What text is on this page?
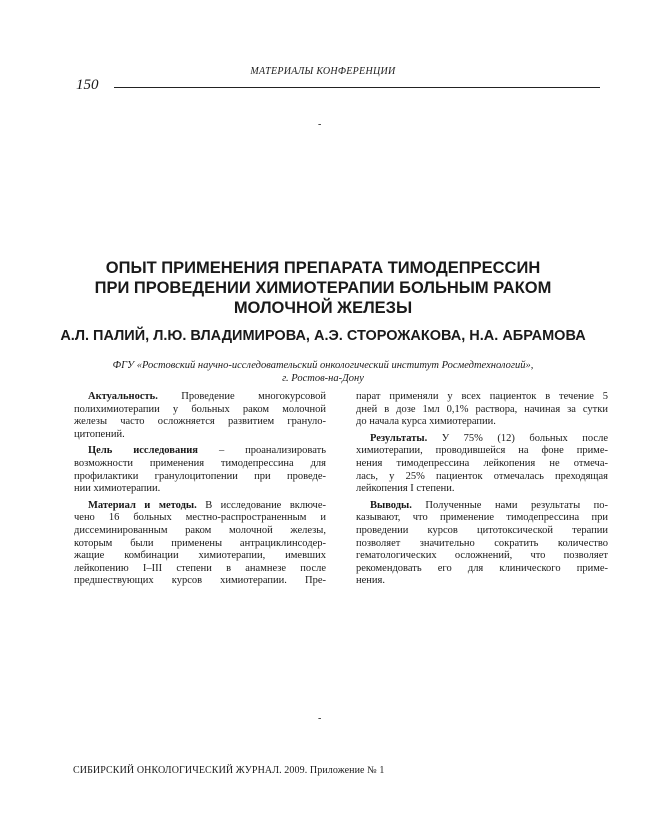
МАТЕРИАЛЫ КОНФЕРЕНЦИИ
150
-
ОПЫТ ПРИМЕНЕНИЯ ПРЕПАРАТА ТИМОДЕПРЕССИН
ПРИ ПРОВЕДЕНИИ ХИМИОТЕРАПИИ БОЛЬНЫМ РАКОМ
МОЛОЧНОЙ ЖЕЛЕЗЫ
А.Л. ПАЛИЙ, Л.Ю. ВЛАДИМИРОВА, А.Э. СТОРОЖАКОВА, Н.А. АБРАМОВА
ФГУ «Ростовский научно-исследовательский онкологический институт Росмедтехнологий»,
г. Ростов-на-Дону
Актуальность. Проведение многокурсовой
полихимиотерапии у больных раком молочной
железы часто осложняется развитием грануло-
цитопений.
Цель исследования – проанализировать
возможности применения тимодепрессина для
профилактики гранулоцитопении при проведе-
нии химиотерапии.
Материал и методы. В исследование включе-
чено 16 больных местно-распространенным и
диссеминированным раком молочной железы,
которым были применены антрациклинсодер-
жащие комбинации химиотерапии, имевших
лейкопению I–III степени в анамнезе после
предшествующих курсов химиотерапии. Пре-
парат применяли у всех пациенток в течение 5
дней в дозе 1мл 0,1% раствора, начиная за сутки
до начала курса химиотерапии.
Результаты. У 75% (12) больных после
химиотерапии, проводившейся на фоне приме-
нения тимодепрессина лейкопения не отмеча-
лась, у 25% пациенток отмечалась преходящая
лейкопения I степени.
Выводы. Полученные нами результаты по-
казывают, что применение тимодепрессина при
проведении курсов цитотоксической терапии
позволяет значительно сократить количество
гематологических осложнений, что позволяет
рекомендовать его для клинического приме-
нения.
-
СИБИРСКИЙ ОНКОЛОГИЧЕСКИЙ ЖУРНАЛ. 2009. Приложение № 1
